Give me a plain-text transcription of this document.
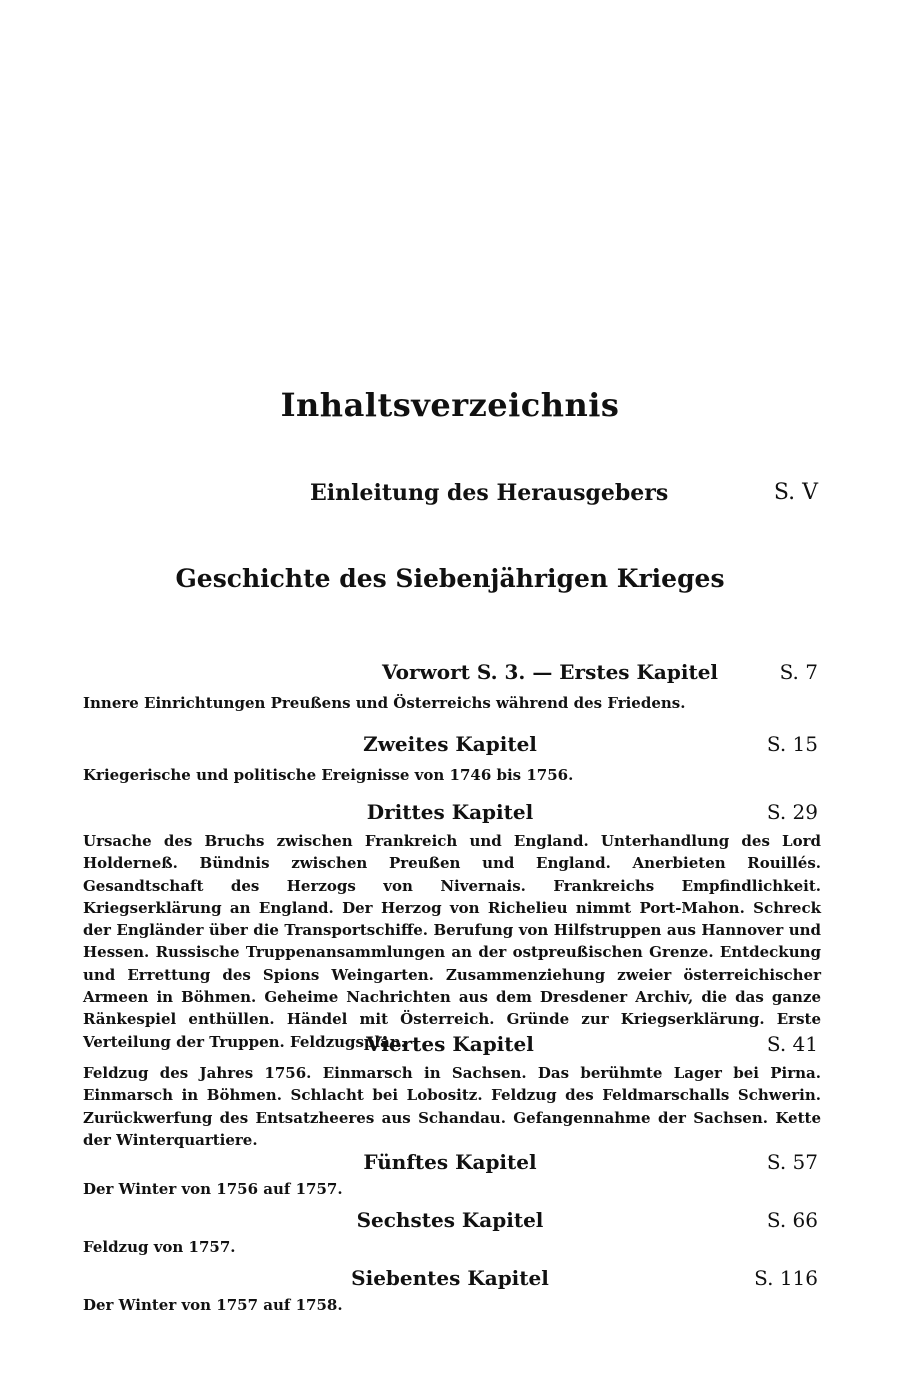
Inhaltsverzeichnis
Einleitung des Herausgebers	S. V
Geschichte des Siebenjährigen Krieges
Vorwort S. 3. — Erstes Kapitel	S. 7
Innere Einrichtungen Preußens und Österreichs während des Friedens.
Zweites Kapitel	S. 15
Kriegerische und politische Ereignisse von 1746 bis 1756.
Drittes Kapitel	S. 29
Ursache des Bruchs zwischen Frankreich und England. Unterhandlung des Lord Holderneß. Bündnis zwischen Preußen und England. Anerbieten Rouillés. Gesandtschaft des Herzogs von Nivernais. Frankreichs Empfindlichkeit. Kriegserklärung an England. Der Herzog von Richelieu nimmt Port-Mahon. Schreck der Engländer über die Transportschiffe. Berufung von Hilfstruppen aus Hannover und Hessen. Russische Truppenansammlungen an der ostpreußischen Grenze. Entdeckung und Errettung des Spions Weingarten. Zusammenziehung zweier österreichischer Armeen in Böhmen. Geheime Nachrichten aus dem Dresdener Archiv, die das ganze Ränkespiel enthüllen. Händel mit Österreich. Gründe zur Kriegserklärung. Erste Verteilung der Truppen. Feldzugsplan.
Viertes Kapitel	S. 41
Feldzug des Jahres 1756. Einmarsch in Sachsen. Das berühmte Lager bei Pirna. Einmarsch in Böhmen. Schlacht bei Lobositz. Feldzug des Feldmarschalls Schwerin. Zurückwerfung des Entsatzheeres aus Schandau. Gefangennahme der Sachsen. Kette der Winterquartiere.
Fünftes Kapitel	S. 57
Der Winter von 1756 auf 1757.
Sechstes Kapitel	S. 66
Feldzug von 1757.
Siebentes Kapitel	S. 116
Der Winter von 1757 auf 1758.
